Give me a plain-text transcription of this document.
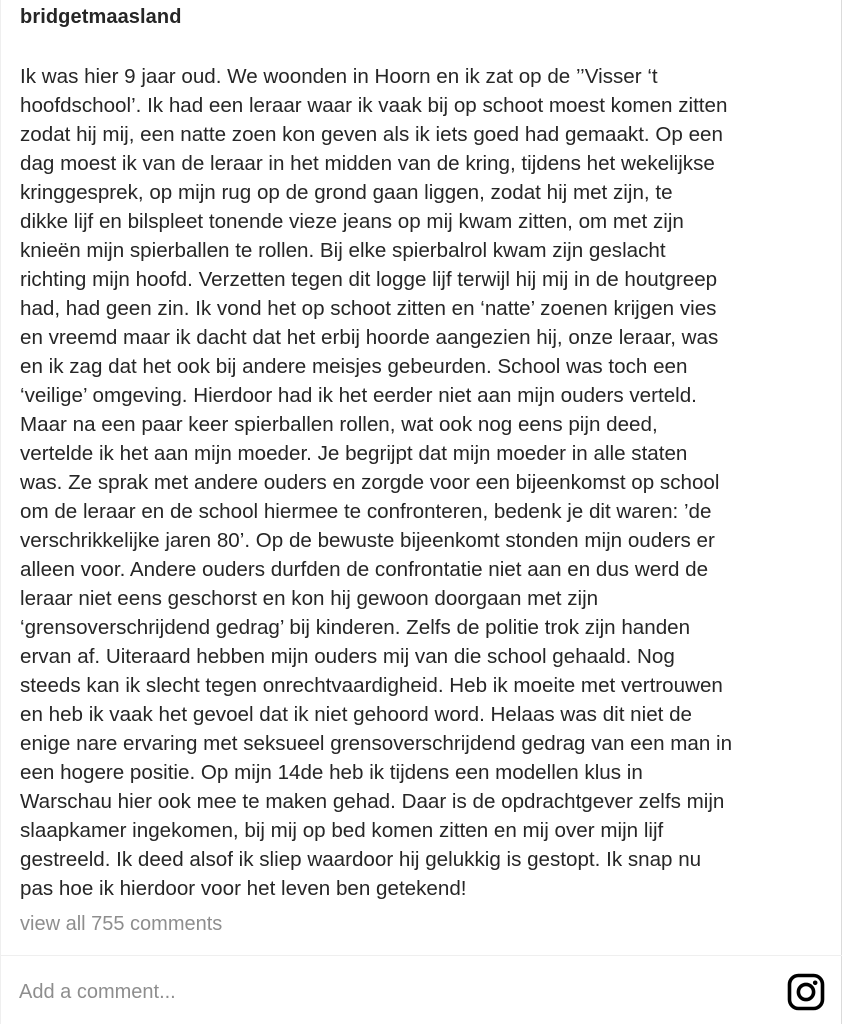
bridgetmaasland
Ik was hier 9 jaar oud. We woonden in Hoorn en ik zat op de ’’Visser ‘t
hoofdschool’. Ik had een leraar waar ik vaak bij op schoot moest komen zitten
zodat hij mij, een natte zoen kon geven als ik iets goed had gemaakt. Op een
dag moest ik van de leraar in het midden van de kring, tijdens het wekelijkse
kringgesprek, op mijn rug op de grond gaan liggen, zodat hij met zijn, te
dikke lijf en bilspleet tonende vieze jeans op mij kwam zitten, om met zijn
knieën mijn spierballen te rollen. Bij elke spierbalrol kwam zijn geslacht
richting mijn hoofd. Verzetten tegen dit logge lijf terwijl hij mij in de houtgreep
had, had geen zin. Ik vond het op schoot zitten en ‘natte’ zoenen krijgen vies
en vreemd maar ik dacht dat het erbij hoorde aangezien hij, onze leraar, was
en ik zag dat het ook bij andere meisjes gebeurden. School was toch een
‘veilige’ omgeving. Hierdoor had ik het eerder niet aan mijn ouders verteld.
Maar na een paar keer spierballen rollen, wat ook nog eens pijn deed,
vertelde ik het aan mijn moeder. Je begrijpt dat mijn moeder in alle staten
was. Ze sprak met andere ouders en zorgde voor een bijeenkomst op school
om de leraar en de school hiermee te confronteren, bedenk je dit waren: ’de
verschrikkelijke jaren 80’. Op de bewuste bijeenkomt stonden mijn ouders er
alleen voor. Andere ouders durfden de confrontatie niet aan en dus werd de
leraar niet eens geschorst en kon hij gewoon doorgaan met zijn
‘grensoverschrijdend gedrag’ bij kinderen. Zelfs de politie trok zijn handen
ervan af. Uiteraard hebben mijn ouders mij van die school gehaald. Nog
steeds kan ik slecht tegen onrechtvaardigheid. Heb ik moeite met vertrouwen
en heb ik vaak het gevoel dat ik niet gehoord word. Helaas was dit niet de
enige nare ervaring met seksueel grensoverschrijdend gedrag van een man in
een hogere positie. Op mijn 14de heb ik tijdens een modellen klus in
Warschau hier ook mee te maken gehad. Daar is de opdrachtgever zelfs mijn
slaapkamer ingekomen, bij mij op bed komen zitten en mij over mijn lijf
gestreeld. Ik deed alsof ik sliep waardoor hij gelukkig is gestopt. Ik snap nu
pas hoe ik hierdoor voor het leven ben getekend!
view all 755 comments
Add a comment...
